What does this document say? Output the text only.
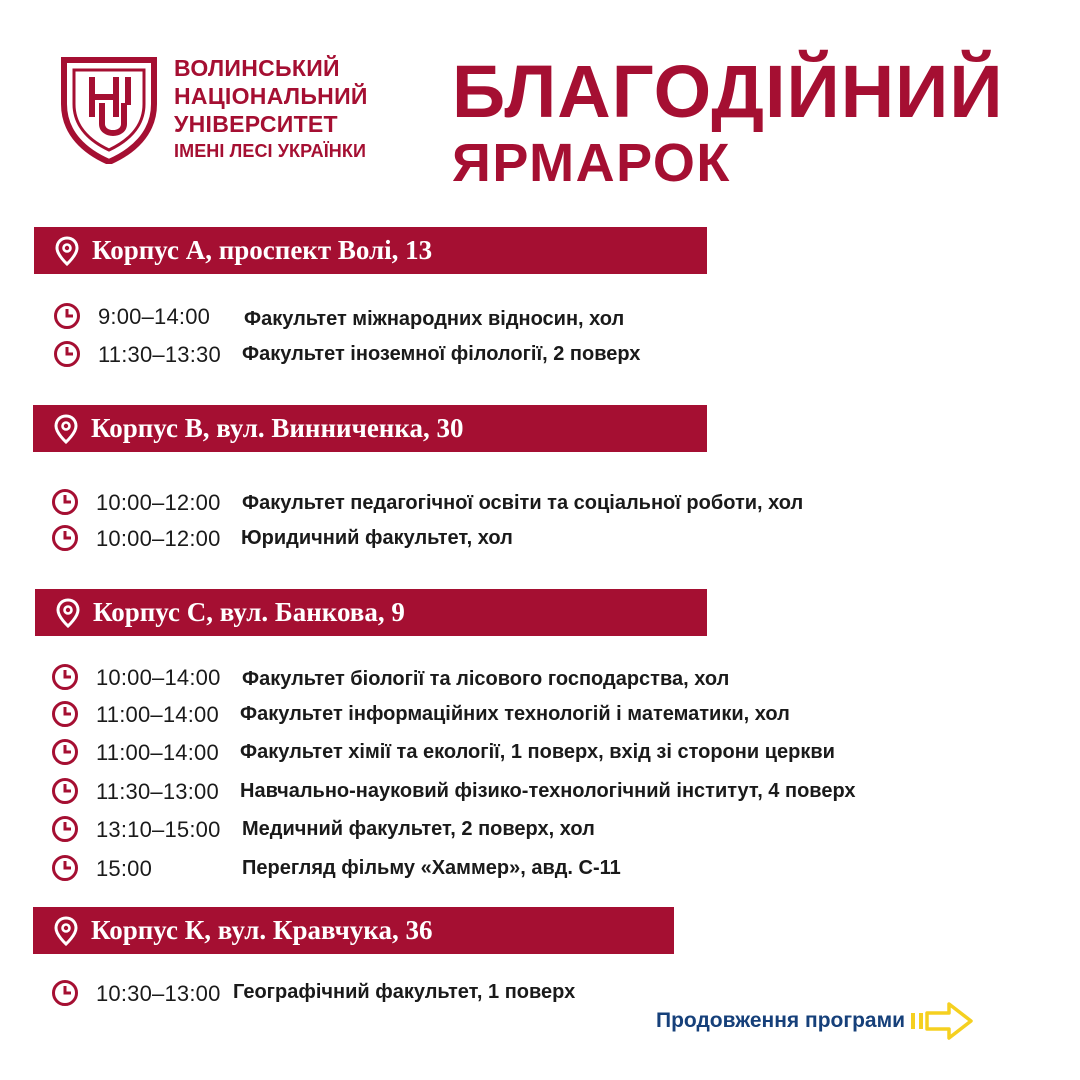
ВОЛИНСЬКИЙ
НАЦІОНАЛЬНИЙ
УНІВЕРСИТЕТ
ІМЕНІ ЛЕСІ УКРАЇНКИ
БЛАГОДІЙНИЙ
ЯРМАРОК
Корпус А, проспект Волі, 13
9:00–14:00 Факультет міжнародних відносин, хол
11:30–13:30 Факультет іноземної філології, 2 поверх
Корпус В, вул. Винниченка, 30
10:00–12:00 Факультет педагогічної освіти та соціальної роботи, хол
10:00–12:00 Юридичний факультет, хол
Корпус С, вул. Банкова, 9
10:00–14:00 Факультет біології та лісового господарства, хол
11:00–14:00 Факультет інформаційних технологій і математики, хол
11:00–14:00 Факультет хімії та екології, 1 поверх, вхід зі сторони церкви
11:30–13:00 Навчально-науковий фізико-технологічний інститут, 4 поверх
13:10–15:00 Медичний факультет, 2 поверх, хол
15:00	Перегляд фільму «Хаммер», авд. С-11
Корпус К, вул. Кравчука, 36
10:30–13:00 Географічний факультет, 1 поверх
Продовження програми
